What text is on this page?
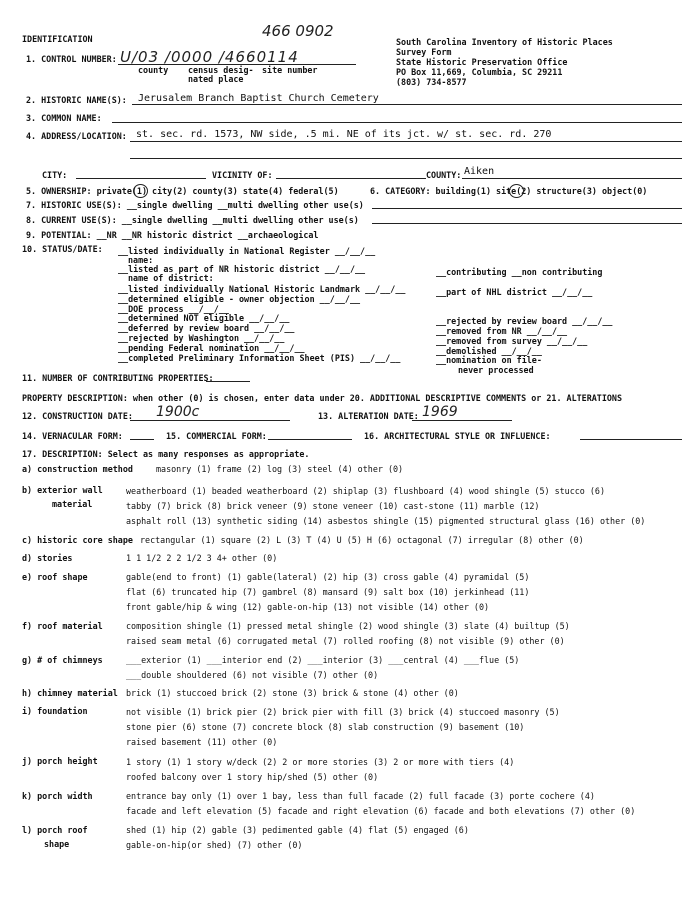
IDENTIFICATION	466 0902
South Carolina Inventory of Historic Places
Survey Form
State Historic Preservation Office
PO Box 11,669, Columbia, SC 29211
(803) 734-8577
1. CONTROL NUMBER: U/03 /0000 /4660114
county census desig-
nated place
site number
2. HISTORIC NAME(S): Jerusalem Branch Baptist Church Cemetery
3. COMMON NAME:
4. ADDRESS/LOCATION: st. sec. rd. 1573, NW side, .5 mi. NE of its jct. w/ st. sec. rd. 270
CITY:	VICINITY OF:	COUNTY: Aiken
5. OWNERSHIP: private(1) city(2) county(3) state(4) federal(5)	6. CATEGORY: building(1) site(2) structure(3) object(0)
7. HISTORIC USE(S): __single dwelling __multi dwelling other use(s)
8. CURRENT USE(S): __single dwelling __multi dwelling other use(s)
9. POTENTIAL: __NR __NR historic district __archaeological
10. STATUS/DATE: __listed individually in National Register __/__/__
name:
__listed as part of NR historic district __/__/__
name of district:
__listed individually National Historic Landmark __/__/__
__determined eligible - owner objection __/__/__
__DOE process __/__/__
__determined NOT eligible __/__/__
__deferred by review board __/__/__
__rejected by Washington __/__/__
__pending Federal nomination __/__/__
__completed Preliminary Information Sheet (PIS) __/__/__
__contributing __non contributing
__part of NHL district __/__/__
__rejected by review board __/__/__
__removed from NR __/__/__
__removed from survey __/__/__
__demolished __/__/__
__nomination on file-
never processed
11. NUMBER OF CONTRIBUTING PROPERTIES:
PROPERTY DESCRIPTION: when other (0) is chosen, enter data under 20. ADDITIONAL DESCRIPTIVE COMMENTS or 21. ALTERATIONS
12. CONSTRUCTION DATE: 1900c	13. ALTERATION DATE: 1969
14. VERNACULAR FORM:	15. COMMERCIAL FORM:	16. ARCHITECTURAL STYLE OR INFLUENCE:
17. DESCRIPTION: Select as many responses as appropriate.
a) construction method	masonry (1) frame (2) log (3) steel (4) other (0)
b) exterior wall
material
weatherboard (1) beaded weatherboard (2) shiplap (3) flushboard (4) wood shingle (5) stucco (6)
tabby (7) brick (8) brick veneer (9) stone veneer (10) cast-stone (11) marble (12)
asphalt roll (13) synthetic siding (14) asbestos shingle (15) pigmented structural glass (16) other (0)
c) historic core shape rectangular (1) square (2) L (3) T (4) U (5) H (6) octagonal (7) irregular (8) other (0)
d) stories	1 1 1/2 2 2 1/2 3 4+ other (0)
e) roof shape	gable(end to front) (1) gable(lateral) (2) hip (3) cross gable (4) pyramidal (5)
flat (6) truncated hip (7) gambrel (8) mansard (9) salt box (10) jerkinhead (11)
front gable/hip & wing (12) gable-on-hip (13) not visible (14) other (0)
f) roof material	composition shingle (1) pressed metal shingle (2) wood shingle (3) slate (4) builtup (5)
raised seam metal (6) corrugated metal (7) rolled roofing (8) not visible (9) other (0)
g) # of chimneys	___exterior (1) ___interior end (2) ___interior (3) ___central (4) ___flue (5)
___double shouldered (6) not visible (7) other (0)
h) chimney material brick (1) stuccoed brick (2) stone (3) brick & stone (4) other (0)
i) foundation	not visible (1) brick pier (2) brick pier with fill (3) brick (4) stuccoed masonry (5)
stone pier (6) stone (7) concrete block (8) slab construction (9) basement (10)
raised basement (11) other (0)
j) porch height	1 story (1) 1 story w/deck (2) 2 or more stories (3) 2 or more with tiers (4)
roofed balcony over 1 story hip/shed (5) other (0)
k) porch width	entrance bay only (1) over 1 bay, less than full facade (2) full facade (3) porte cochere (4)
facade and left elevation (5) facade and right elevation (6) facade and both elevations (7) other (0)
l) porch roof
shape
shed (1) hip (2) gable (3) pedimented gable (4) flat (5) engaged (6)
gable-on-hip(or shed) (7) other (0)
